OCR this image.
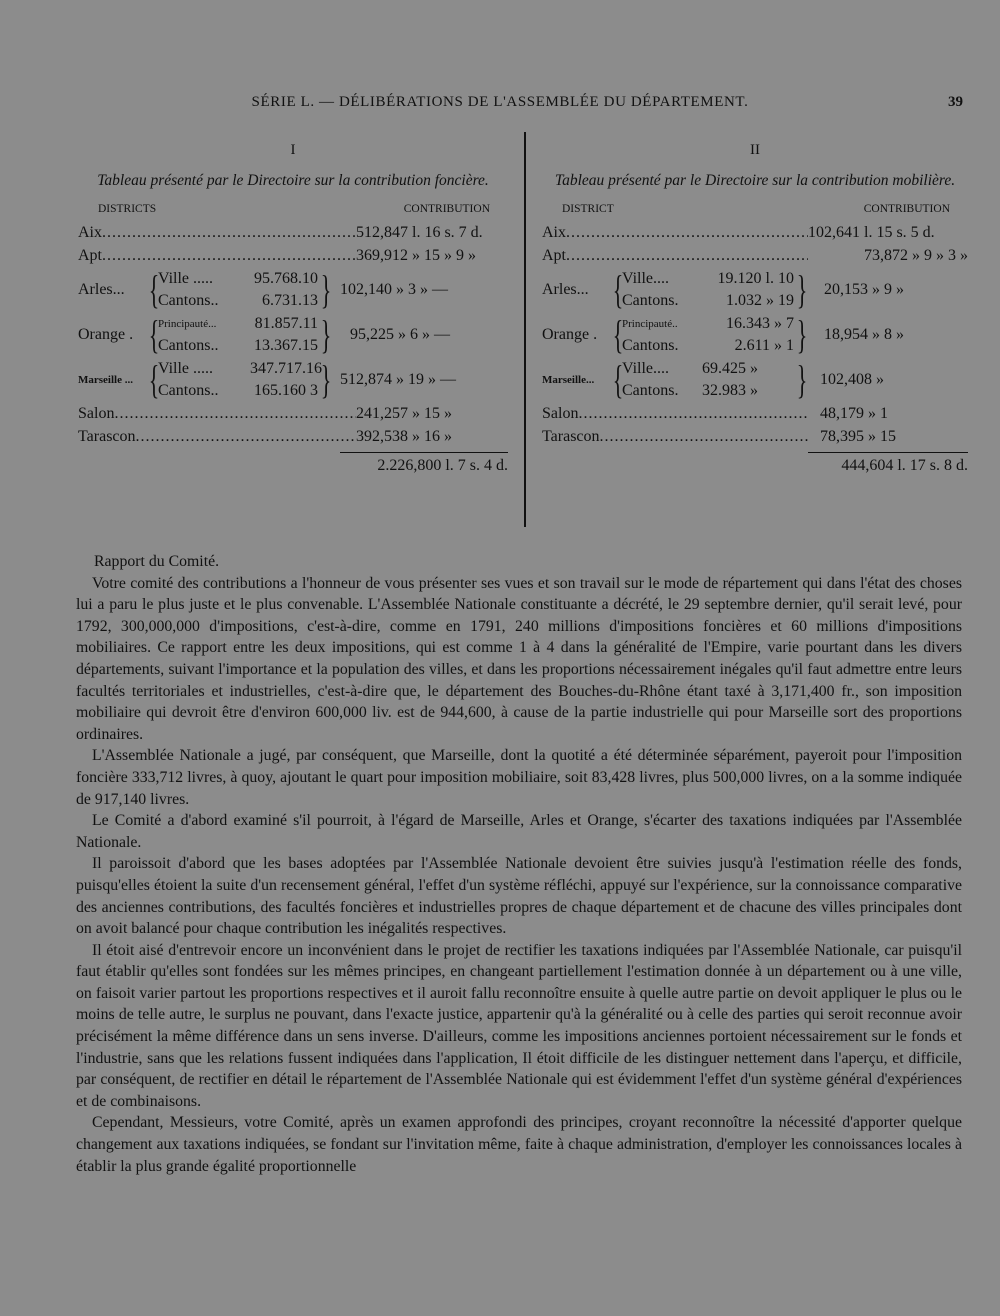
SÉRIE L. — DÉLIBÉRATIONS DE L'ASSEMBLÉE DU DÉPARTEMENT.	39
I
Tableau présenté par le Directoire sur la contribution foncière.
DISTRICTS	CONTRIBUTION
Aix .....	512,847 l. 16 s. 7 d.
Apt .....	369,912 » 15 » 9 »
Arles... {
Ville .....	95.768.10
Cantons..	6.731.13 } 102,140 » 3 » —
Orange . {
Principauté...	81.857.11
Cantons..	13.367.15 } 95,225 » 6 » —
Marseille ... {
Ville .....	347.717.16
Cantons..	165.160 3 } 512,874 » 19 » —
Salon .....	241,257 » 15 »
Tarascon .....	392,538 » 16 »
2.226,800 l. 7 s. 4 d.
II
Tableau présenté par le Directoire sur la contribution mobilière.
DISTRICT	CONTRIBUTION
Aix .....	102,641 l. 15 s. 5 d.
Apt .....	73,872 » 9 » 3 »
Arles... {
Ville....	19.120 l. 10
Cantons.	1.032 » 19 } 20,153 » 9 »
Orange . {
Principauté..	16.343 » 7
Cantons.	2.611 » 1 } 18,954 » 8 »
Marseille... {
Ville....	69.425 »
Cantons.	32.983 » } 102,408 »
Salon .....	48,179 » 1
Tarascon .....	78,395 » 15
444,604 l. 17 s. 8 d.

Rapport du Comité.

Votre comité des contributions a l'honneur de vous présenter ses vues et son travail sur le mode de répartement qui dans l'état des choses lui a paru le plus juste et le plus convenable. L'Assemblée Nationale constituante a décrété, le 29 septembre dernier, qu'il serait levé, pour 1792, 300,000,000 d'impositions, c'est-à-dire, comme en 1791, 240 millions d'impositions foncières et 60 millions d'impositions mobiliaires. Ce rapport entre les deux impositions, qui est comme 1 à 4 dans la généralité de l'Empire, varie pourtant dans les divers départements, suivant l'importance et la population des villes, et dans les proportions nécessairement inégales qu'il faut admettre entre leurs facultés territoriales et industrielles, c'est-à-dire que, le département des Bouches-du-Rhône étant taxé à 3,171,400 fr., son imposition mobiliaire qui devroit être d'environ 600,000 liv. est de 944,600, à cause de la partie industrielle qui pour Marseille sort des proportions ordinaires.

L'Assemblée Nationale a jugé, par conséquent, que Marseille, dont la quotité a été déterminée séparément, payeroit pour l'imposition foncière 333,712 livres, à quoy, ajoutant le quart pour imposition mobiliaire, soit 83,428 livres, plus 500,000 livres, on a la somme indiquée de 917,140 livres.

Le Comité a d'abord examiné s'il pourroit, à l'égard de Marseille, Arles et Orange, s'écarter des taxations indiquées par l'Assemblée Nationale.

Il paroissoit d'abord que les bases adoptées par l'Assemblée Nationale devoient être suivies jusqu'à l'estimation réelle des fonds, puisqu'elles étoient la suite d'un recensement général, l'effet d'un système réfléchi, appuyé sur l'expérience, sur la connoissance comparative des anciennes contributions, des facultés foncières et industrielles propres de chaque département et de chacune des villes principales dont on avoit balancé pour chaque contribution les inégalités respectives.

Il étoit aisé d'entrevoir encore un inconvénient dans le projet de rectifier les taxations indiquées par l'Assemblée Nationale, car puisqu'il faut établir qu'elles sont fondées sur les mêmes principes, en changeant partiellement l'estimation donnée à un département ou à une ville, on faisoit varier partout les proportions respectives et il auroit fallu reconnoître ensuite à quelle autre partie on devoit appliquer le plus ou le moins de telle autre, le surplus ne pouvant, dans l'exacte justice, appartenir qu'à la généralité ou à celle des parties qui seroit reconnue avoir précisément la même différence dans un sens inverse. D'ailleurs, comme les impositions anciennes portoient nécessairement sur le fonds et l'industrie, sans que les relations fussent indiquées dans l'application, Il étoit difficile de les distinguer nettement dans l'aperçu, et difficile, par conséquent, de rectifier en détail le répartement de l'Assemblée Nationale qui est évidemment l'effet d'un système général d'expériences et de combinaisons.

Cependant, Messieurs, votre Comité, après un examen approfondi des principes, croyant reconnoître la nécessité d'apporter quelque changement aux taxations indiquées, se fondant sur l'invitation même, faite à chaque administration, d'employer les connoissances locales à établir la plus grande égalité proportionnelle
